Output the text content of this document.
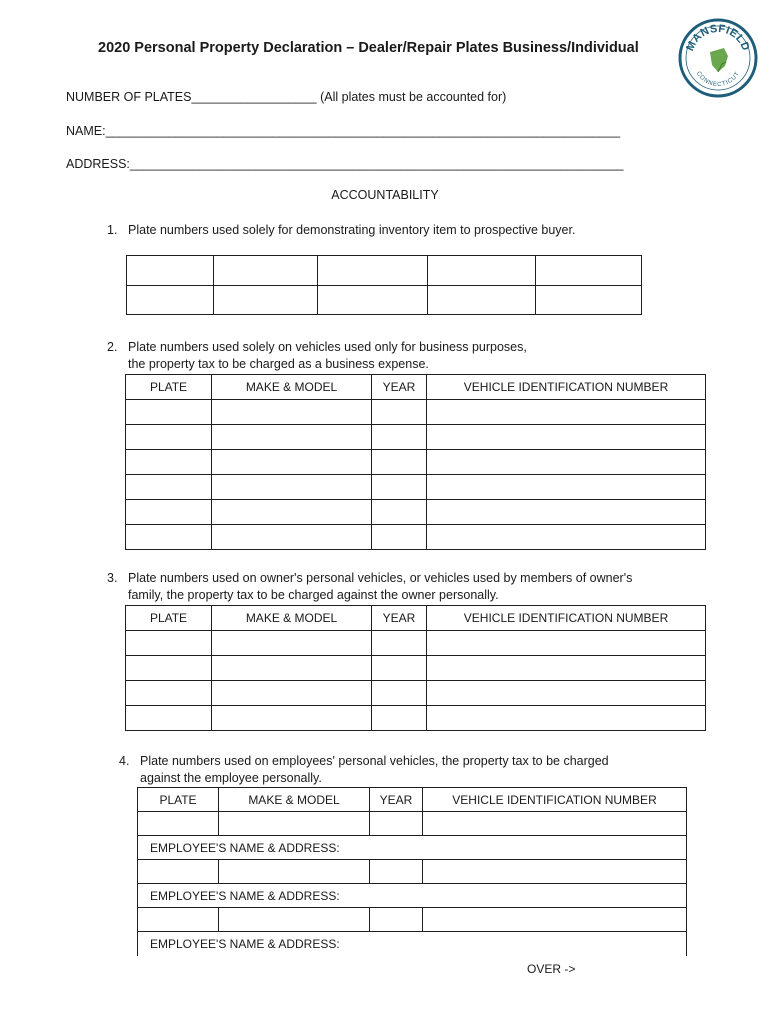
2020 Personal Property Declaration – Dealer/Repair Plates Business/Individual	MANSFIELD
CONNECTICUT
NUMBER OF PLATES__________________ (All plates must be accounted for)
NAME:__________________________________________________________________________
ADDRESS:_______________________________________________________________________
ACCOUNTABILITY
1. Plate numbers used solely for demonstrating inventory item to prospective buyer.

2. Plate numbers used solely on vehicles used only for business purposes,
the property tax to be charged as a business expense.
PLATE	MAKE & MODEL	YEAR	VEHICLE IDENTIFICATION NUMBER

3. Plate numbers used on owner's personal vehicles, or vehicles used by members of owner's
family, the property tax to be charged against the owner personally.
PLATE	MAKE & MODEL	YEAR	VEHICLE IDENTIFICATION NUMBER

4. Plate numbers used on employees' personal vehicles, the property tax to be charged
against the employee personally.
PLATE	MAKE & MODEL	YEAR	VEHICLE IDENTIFICATION NUMBER

EMPLOYEE'S NAME & ADDRESS:			

EMPLOYEE'S NAME & ADDRESS:			

EMPLOYEE'S NAME & ADDRESS:			
OVER ->
